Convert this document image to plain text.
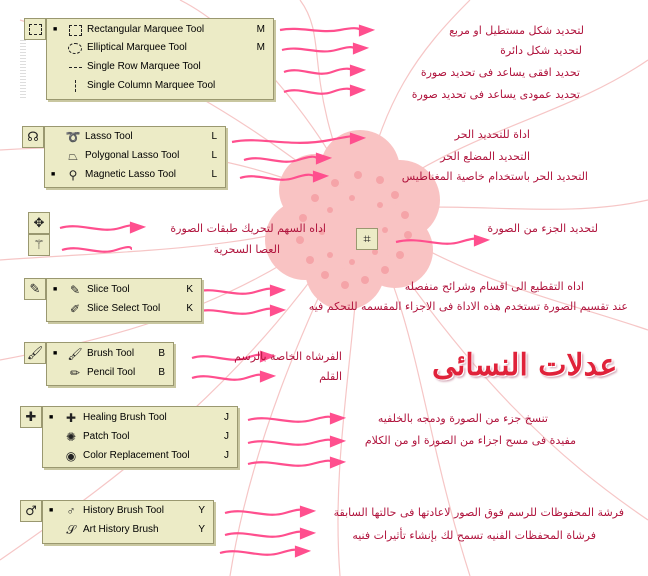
■	Rectangular Marquee Tool	M
Elliptical Marquee Tool	M
Single Row Marquee Tool
Single Column Marquee Tool
☊ ➰ Lasso Tool	L
⏢ Polygonal Lasso Tool	L
■ ⚲ Magnetic Lasso Tool	L
✥
⚚	⌗
✎ ■ ✎ Slice Tool	K
✐ Slice Select Tool	K
🖌 ■ 🖌 Brush Tool B
✏ Pencil Tool B
✚ ■ ✚ Healing Brush Tool	J
✺ Patch Tool	J
◉ Color Replacement Tool	J
♂ ■ ♂ History Brush Tool	Y
𝒮 Art History Brush	Y
لتحديد شكل مستطيل او مربع
لتحديد شكل دائرة
تحديد افقى يساعد فى تحديد صورة
تحديد عمودى يساعد فى تحديد صورة
اداة للتحديد الحر
التحديد المضلع الحر
التحديد الحر باستخدام خاصية المغناطيس
اداه السهم لتحريك طبقات الصورة
العصا السحرية
لتحديد الجزء من الصورة
اداه التقطيع الى اقسام وشرائح منفصله
عند تقسيم الصورة تستخدم هذه الاداة فى الاجزاء المقسمه للتحكم فيه
الفرشاه الخاصة بالرسم
القلم
تنسخ جزء من الصورة ودمجه بالخلفيه
مفيدة فى مسح اجزاء من الصورة او من الكلام
فرشة المحفوظات للرسم فوق الصور لاعادتها فى حالتها السابقة
فرشاة المحفظات الفنيه تسمح لك بإنشاء تأثيرات فنيه
عدلات النسائى
